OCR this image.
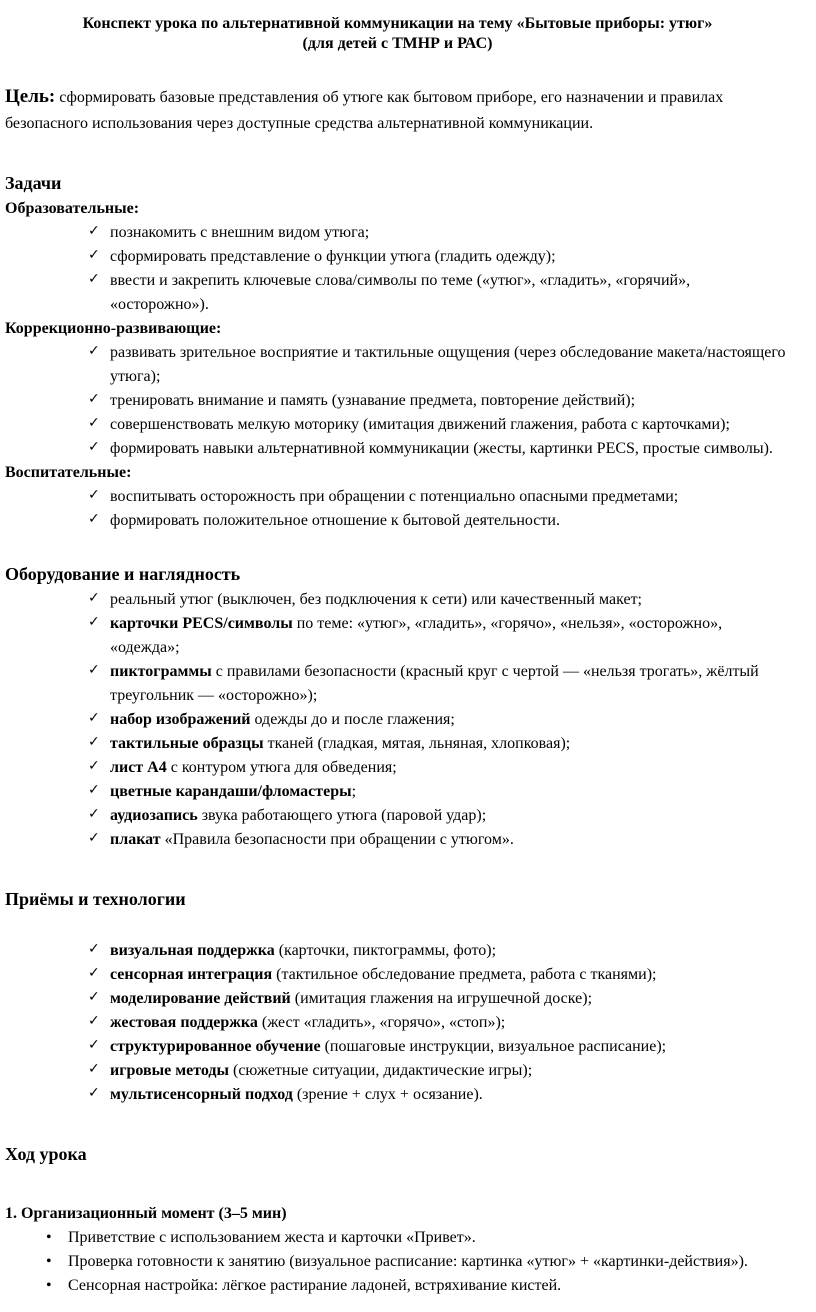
Конспект урока по альтернативной коммуникации на тему «Бытовые приборы: утюг»
(для детей с ТМНР и РАС)

Цель: сформировать базовые представления об утюге как бытовом приборе, его назначении и правилах безопасного использования через доступные средства альтернативной коммуникации.

Задачи
Образовательные:
✓ познакомить с внешним видом утюга;
✓ сформировать представление о функции утюга (гладить одежду);
✓ ввести и закрепить ключевые слова/символы по теме («утюг», «гладить», «горячий», «осторожно»).
Коррекционно-развивающие:
✓ развивать зрительное восприятие и тактильные ощущения (через обследование макета/настоящего утюга);
✓ тренировать внимание и память (узнавание предмета, повторение действий);
✓ совершенствовать мелкую моторику (имитация движений глажения, работа с карточками);
✓ формировать навыки альтернативной коммуникации (жесты, картинки PECS, простые символы).
Воспитательные:
✓ воспитывать осторожность при обращении с потенциально опасными предметами;
✓ формировать положительное отношение к бытовой деятельности.
Оборудование и наглядность
✓ реальный утюг (выключен, без подключения к сети) или качественный макет;
✓ карточки PECS/символы по теме: «утюг», «гладить», «горячо», «нельзя», «осторожно», «одежда»;
✓ пиктограммы с правилами безопасности (красный круг с чертой — «нельзя трогать», жёлтый треугольник — «осторожно»);
✓ набор изображений одежды до и после глажения;
✓ тактильные образцы тканей (гладкая, мятая, льняная, хлопковая);
✓ лист А4 с контуром утюга для обведения;
✓ цветные карандаши/фломастеры;
✓ аудиозапись звука работающего утюга (паровой удар);
✓ плакат «Правила безопасности при обращении с утюгом».
Приёмы и технологии
✓ визуальная поддержка (карточки, пиктограммы, фото);
✓ сенсорная интеграция (тактильное обследование предмета, работа с тканями);
✓ моделирование действий (имитация глажения на игрушечной доске);
✓ жестовая поддержка (жест «гладить», «горячо», «стоп»);
✓ структурированное обучение (пошаговые инструкции, визуальное расписание);
✓ игровые методы (сюжетные ситуации, дидактические игры);
✓ мультисенсорный подход (зрение + слух + осязание).
Ход урока
1. Организационный момент (3–5 мин)
• Приветствие с использованием жеста и карточки «Привет».
• Проверка готовности к занятию (визуальное расписание: картинка «утюг» + «картинки-действия»).
• Сенсорная настройка: лёгкое растирание ладоней, встряхивание кистей.
